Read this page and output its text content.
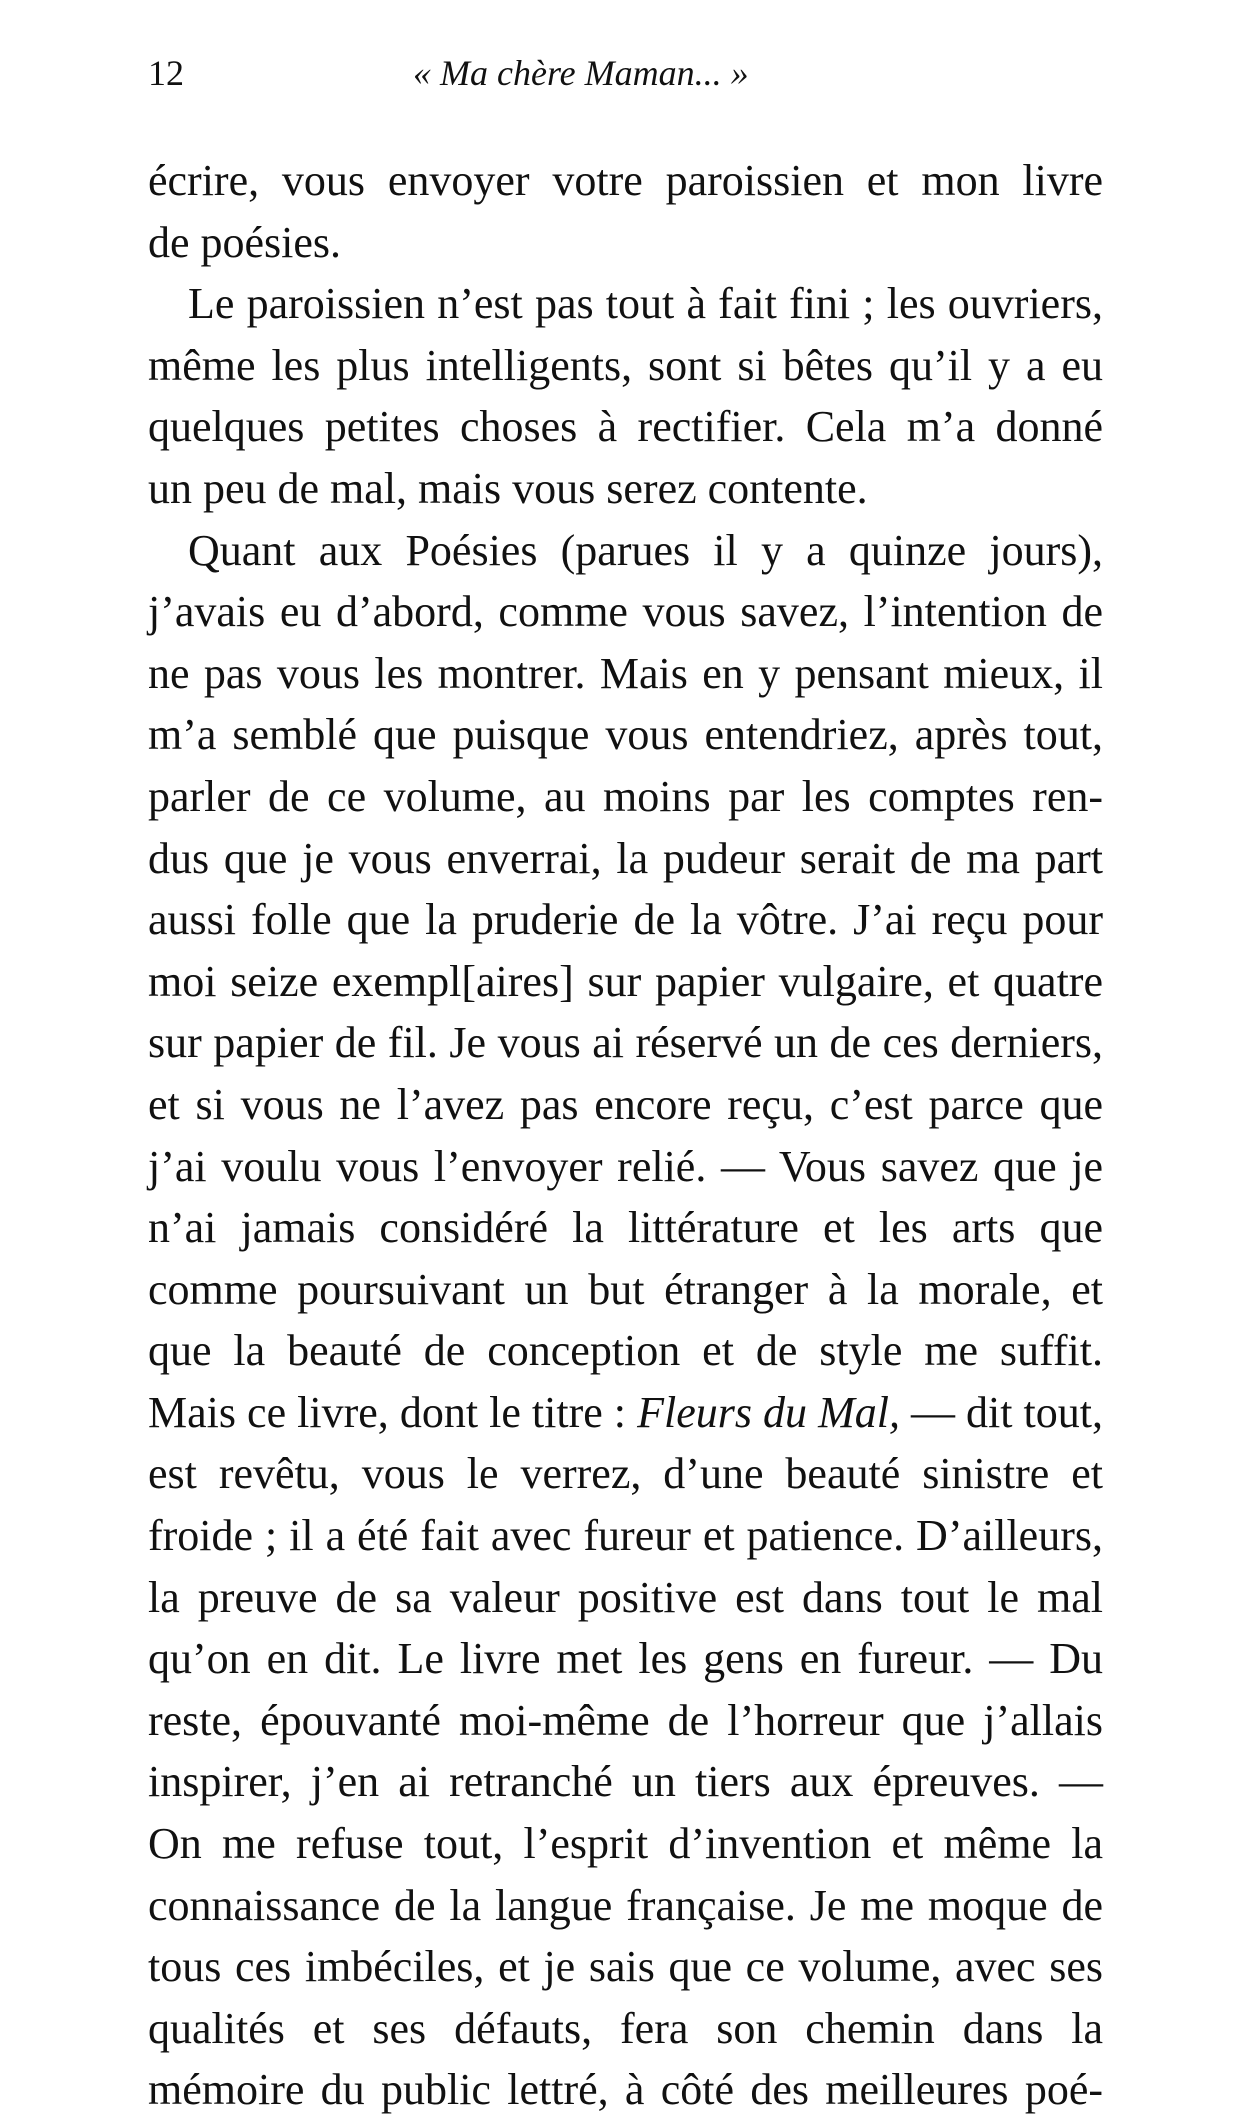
12	« Ma chère Maman... »
écrire, vous envoyer votre paroissien et mon livre
de poésies.
Le paroissien n’est pas tout à fait fini ; les ouvriers,
même les plus intelligents, sont si bêtes qu’il y a eu
quelques petites choses à rectifier. Cela m’a donné
un peu de mal, mais vous serez contente.
Quant aux Poésies (parues il y a quinze jours),
j’avais eu d’abord, comme vous savez, l’intention de
ne pas vous les montrer. Mais en y pensant mieux, il
m’a semblé que puisque vous entendriez, après tout,
parler de ce volume, au moins par les comptes ren-
dus que je vous enverrai, la pudeur serait de ma part
aussi folle que la pruderie de la vôtre. J’ai reçu pour
moi seize exempl[aires] sur papier vulgaire, et quatre
sur papier de fil. Je vous ai réservé un de ces derniers,
et si vous ne l’avez pas encore reçu, c’est parce que
j’ai voulu vous l’envoyer relié. — Vous savez que je
n’ai jamais considéré la littérature et les arts que
comme poursuivant un but étranger à la morale, et
que la beauté de conception et de style me suffit.
Mais ce livre, dont le titre : Fleurs du Mal, — dit tout,
est revêtu, vous le verrez, d’une beauté sinistre et
froide ; il a été fait avec fureur et patience. D’ailleurs,
la preuve de sa valeur positive est dans tout le mal
qu’on en dit. Le livre met les gens en fureur. — Du
reste, épouvanté moi-même de l’horreur que j’allais
inspirer, j’en ai retranché un tiers aux épreuves. —
On me refuse tout, l’esprit d’invention et même la
connaissance de la langue française. Je me moque de
tous ces imbéciles, et je sais que ce volume, avec ses
qualités et ses défauts, fera son chemin dans la
mémoire du public lettré, à côté des meilleures poé-
